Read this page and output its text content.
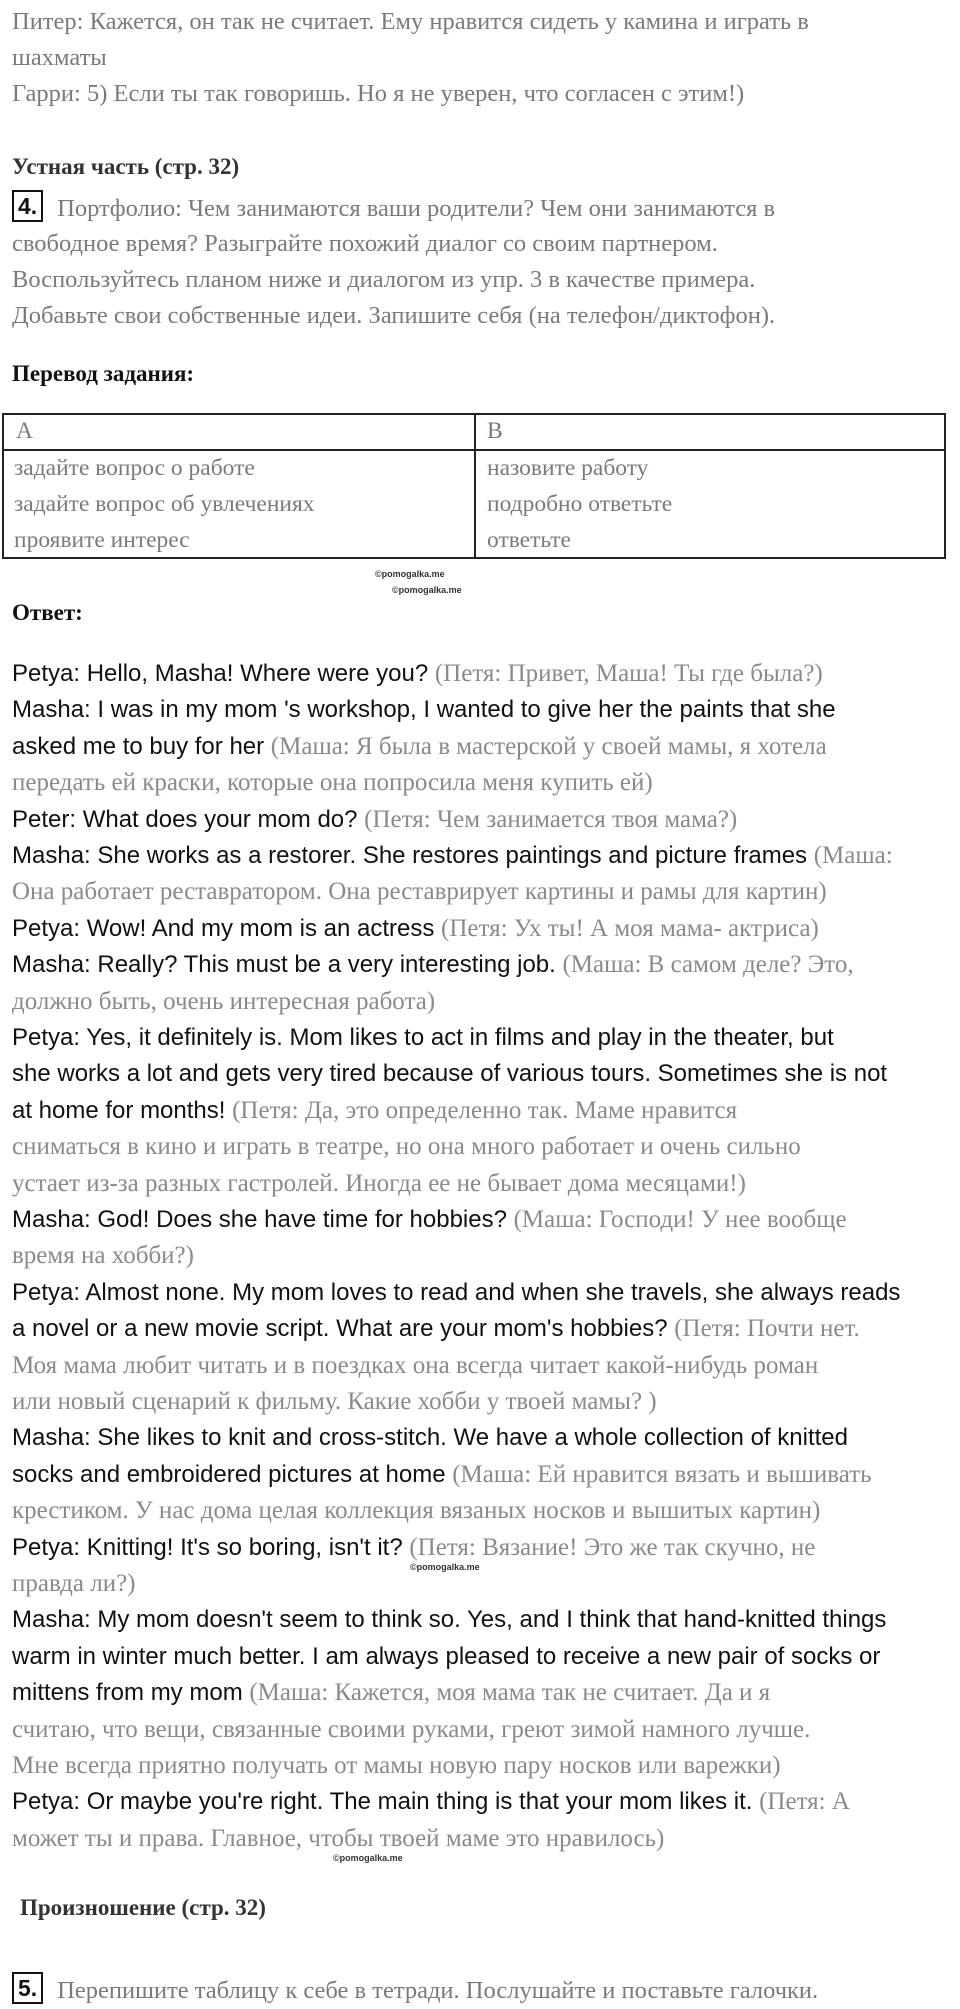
Питер: Кажется, он так не считает. Ему нравится сидеть у камина и играть в
шахматы
Гарри: 5) Если ты так говоришь. Но я не уверен, что согласен с этим!)
Устная часть (стр. 32)
4. Портфолио: Чем занимаются ваши родители? Чем они занимаются в
свободное время? Разыграйте похожий диалог со своим партнером.
Воспользуйтесь планом ниже и диалогом из упр. 3 в качестве примера.
Добавьте свои собственные идеи. Запишите себя (на телефон/диктофон).
Перевод задания:
A	B
задайте вопрос о работе
задайте вопрос об увлечениях
проявите интерес
назовите работу
подробно ответьте
ответьте
©pomogalka.me
©pomogalka.me
Ответ:
Petya: Hello, Masha! Where were you? (Петя: Привет, Маша! Ты где была?)
Masha: I was in my mom 's workshop, I wanted to give her the paints that she
asked me to buy for her (Маша: Я была в мастерской у своей мамы, я хотела
передать ей краски, которые она попросила меня купить ей)
Peter: What does your mom do? (Петя: Чем занимается твоя мама?)
Masha: She works as a restorer. She restores paintings and picture frames (Маша:
Она работает реставратором. Она реставрирует картины и рамы для картин)
Petya: Wow! And my mom is an actress (Петя: Ух ты! А моя мама- актриса)
Masha: Really? This must be a very interesting job. (Маша: В самом деле? Это,
должно быть, очень интересная работа)
Petya: Yes, it definitely is. Mom likes to act in films and play in the theater, but
she works a lot and gets very tired because of various tours. Sometimes she is not
at home for months! (Петя: Да, это определенно так. Маме нравится
сниматься в кино и играть в театре, но она много работает и очень сильно
устает из-за разных гастролей. Иногда ее не бывает дома месяцами!)
Masha: God! Does she have time for hobbies? (Маша: Господи! У нее вообще
время на хобби?)
Petya: Almost none. My mom loves to read and when she travels, she always reads
a novel or a new movie script. What are your mom's hobbies? (Петя: Почти нет.
Моя мама любит читать и в поездках она всегда читает какой-нибудь роман
или новый сценарий к фильму. Какие хобби у твоей мамы? )
Masha: She likes to knit and cross-stitch. We have a whole collection of knitted
socks and embroidered pictures at home (Маша: Ей нравится вязать и вышивать
крестиком. У нас дома целая коллекция вязаных носков и вышитых картин)
Petya: Knitting! It's so boring, isn't it? (Петя: Вязание! Это же так скучно, не
правда ли?)
Masha: My mom doesn't seem to think so. Yes, and I think that hand-knitted things
warm in winter much better. I am always pleased to receive a new pair of socks or
mittens from my mom (Маша: Кажется, моя мама так не считает. Да и я
считаю, что вещи, связанные своими руками, греют зимой намного лучше.
Мне всегда приятно получать от мамы новую пару носков или варежки)
Petya: Or maybe you're right. The main thing is that your mom likes it. (Петя: А
может ты и права. Главное, чтобы твоей маме это нравилось)
©pomogalka.me
©pomogalka.me
Произношение (стр. 32)
5. Перепишите таблицу к себе в тетради. Послушайте и поставьте галочки.
